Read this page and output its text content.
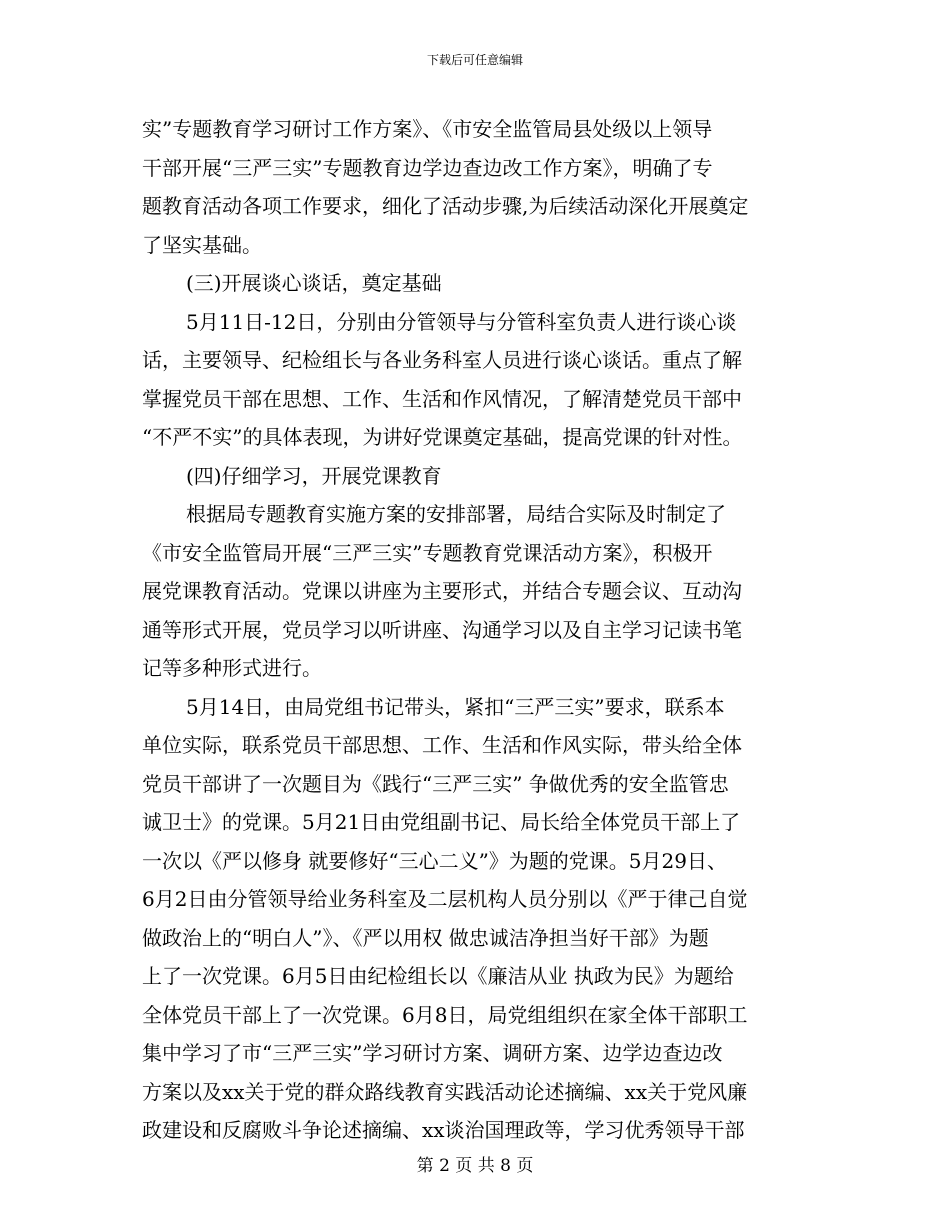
下载后可任意编辑
实”专题教育学习研讨工作方案》、《市安全监管局县处级以上领导
干部开展“三严三实”专题教育边学边查边改工作方案》，明确了专
题教育活动各项工作要求，细化了活动步骤,为后续活动深化开展奠定
了坚实基础。
(三)开展谈心谈话，奠定基础
5月11日-12日，分别由分管领导与分管科室负责人进行谈心谈
话，主要领导、纪检组长与各业务科室人员进行谈心谈话。重点了解
掌握党员干部在思想、工作、生活和作风情况，了解清楚党员干部中
“不严不实”的具体表现，为讲好党课奠定基础，提高党课的针对性。
(四)仔细学习，开展党课教育
根据局专题教育实施方案的安排部署，局结合实际及时制定了
《市安全监管局开展“三严三实”专题教育党课活动方案》，积极开
展党课教育活动。党课以讲座为主要形式，并结合专题会议、互动沟
通等形式开展，党员学习以听讲座、沟通学习以及自主学习记读书笔
记等多种形式进行。
5月14日，由局党组书记带头，紧扣“三严三实”要求，联系本
单位实际，联系党员干部思想、工作、生活和作风实际，带头给全体
党员干部讲了一次题目为《践行“三严三实” 争做优秀的安全监管忠
诚卫士》的党课。5月21日由党组副书记、局长给全体党员干部上了
一次以《严以修身 就要修好“三心二义”》为题的党课。5月29日、
6月2日由分管领导给业务科室及二层机构人员分别以《严于律己自觉
做政治上的“明白人”》、《严以用权 做忠诚洁净担当好干部》为题
上了一次党课。6月5日由纪检组长以《廉洁从业 执政为民》为题给
全体党员干部上了一次党课。6月8日，局党组组织在家全体干部职工
集中学习了市“三严三实”学习研讨方案、调研方案、边学边查边改
方案以及xx关于党的群众路线教育实践活动论述摘编、xx关于党风廉
政建设和反腐败斗争论述摘编、xx谈治国理政等，学习优秀领导干部
第 2 页 共 8 页
